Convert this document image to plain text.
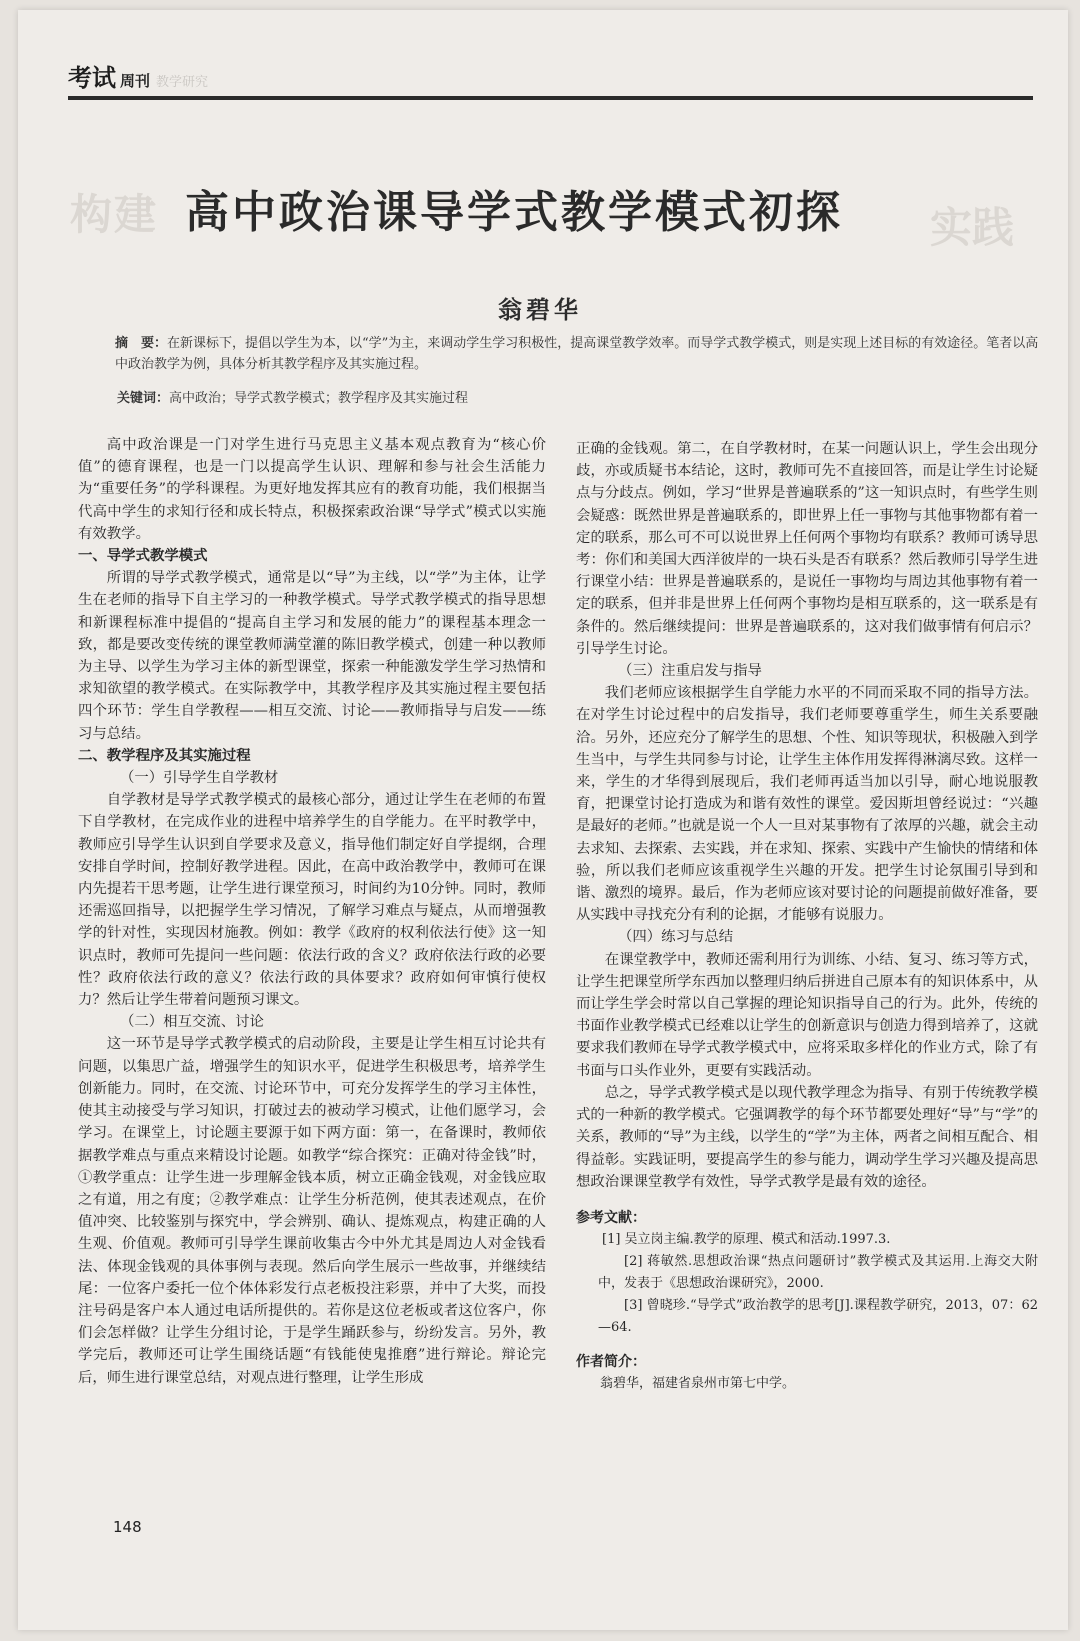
考试 周刊 教学研究
构建	实践
高中政治课导学式教学模式初探
翁碧华
摘　要：在新课标下，提倡以学生为本，以“学”为主，来调动学生学习积极性，提高课堂教学效率。而导学式教学模式，则是实现上述目标的有效途径。笔者以高中政治教学为例，具体分析其教学程序及其实施过程。
关键词：高中政治；导学式教学模式；教学程序及其实施过程

高中政治课是一门对学生进行马克思主义基本观点教育为“核心价值”的德育课程，也是一门以提高学生认识、理解和参与社会生活能力为“重要任务”的学科课程。为更好地发挥其应有的教育功能，我们根据当代高中学生的求知行径和成长特点，积极探索政治课“导学式”模式以实施有效教学。

一、导学式教学模式

所谓的导学式教学模式，通常是以“导”为主线，以“学”为主体，让学生在老师的指导下自主学习的一种教学模式。导学式教学模式的指导思想和新课程标准中提倡的“提高自主学习和发展的能力”的课程基本理念一致，都是要改变传统的课堂教师满堂灌的陈旧教学模式，创建一种以教师为主导、以学生为学习主体的新型课堂，探索一种能激发学生学习热情和求知欲望的教学模式。在实际教学中，其教学程序及其实施过程主要包括四个环节：学生自学教程——相互交流、讨论——教师指导与启发——练习与总结。

二、教学程序及其实施过程
（一）引导学生自学教材

自学教材是导学式教学模式的最核心部分，通过让学生在老师的布置下自学教材，在完成作业的进程中培养学生的自学能力。在平时教学中，教师应引导学生认识到自学要求及意义，指导他们制定好自学提纲，合理安排自学时间，控制好教学进程。因此，在高中政治教学中，教师可在课内先提若干思考题，让学生进行课堂预习，时间约为10分钟。同时，教师还需巡回指导，以把握学生学习情况，了解学习难点与疑点，从而增强教学的针对性，实现因材施教。例如：教学《政府的权利依法行使》这一知识点时，教师可先提问一些问题：依法行政的含义？政府依法行政的必要性？政府依法行政的意义？依法行政的具体要求？政府如何审慎行使权力？然后让学生带着问题预习课文。

（二）相互交流、讨论

这一环节是导学式教学模式的启动阶段，主要是让学生相互讨论共有问题，以集思广益，增强学生的知识水平，促进学生积极思考，培养学生创新能力。同时，在交流、讨论环节中，可充分发挥学生的学习主体性，使其主动接受与学习知识，打破过去的被动学习模式，让他们愿学习，会学习。在课堂上，讨论题主要源于如下两方面：第一，在备课时，教师依据教学难点与重点来精设讨论题。如教学“综合探究：正确对待金钱”时，①教学重点：让学生进一步理解金钱本质，树立正确金钱观，对金钱应取之有道，用之有度；②教学难点：让学生分析范例，使其表述观点，在价值冲突、比较鉴别与探究中，学会辨别、确认、提炼观点，构建正确的人生观、价值观。教师可引导学生课前收集古今中外尤其是周边人对金钱看法、体现金钱观的具体事例与表现。然后向学生展示一些故事，并继续结尾：一位客户委托一位个体体彩发行点老板投注彩票，并中了大奖，而投注号码是客户本人通过电话所提供的。若你是这位老板或者这位客户，你们会怎样做？让学生分组讨论，于是学生踊跃参与，纷纷发言。另外，教学完后，教师还可让学生围绕话题“有钱能使鬼推磨”进行辩论。辩论完后，师生进行课堂总结，对观点进行整理，让学生形成

正确的金钱观。第二，在自学教材时，在某一问题认识上，学生会出现分歧，亦或质疑书本结论，这时，教师可先不直接回答，而是让学生讨论疑点与分歧点。例如，学习“世界是普遍联系的”这一知识点时，有些学生则会疑惑：既然世界是普遍联系的，即世界上任一事物与其他事物都有着一定的联系，那么可不可以说世界上任何两个事物均有联系？教师可诱导思考：你们和美国大西洋彼岸的一块石头是否有联系？然后教师引导学生进行课堂小结：世界是普遍联系的，是说任一事物均与周边其他事物有着一定的联系，但并非是世界上任何两个事物均是相互联系的，这一联系是有条件的。然后继续提问：世界是普遍联系的，这对我们做事情有何启示？引导学生讨论。

（三）注重启发与指导

我们老师应该根据学生自学能力水平的不同而采取不同的指导方法。在对学生讨论过程中的启发指导，我们老师要尊重学生，师生关系要融洽。另外，还应充分了解学生的思想、个性、知识等现状，积极融入到学生当中，与学生共同参与讨论，让学生主体作用发挥得淋漓尽致。这样一来，学生的才华得到展现后，我们老师再适当加以引导，耐心地说服教育，把课堂讨论打造成为和谐有效性的课堂。爱因斯坦曾经说过：“兴趣是最好的老师。”也就是说一个人一旦对某事物有了浓厚的兴趣，就会主动去求知、去探索、去实践，并在求知、探索、实践中产生愉快的情绪和体验，所以我们老师应该重视学生兴趣的开发。把学生讨论氛围引导到和谐、激烈的境界。最后，作为老师应该对要讨论的问题提前做好准备，要从实践中寻找充分有利的论据，才能够有说服力。

（四）练习与总结

在课堂教学中，教师还需利用行为训练、小结、复习、练习等方式，让学生把课堂所学东西加以整理归纳后拼进自己原本有的知识体系中，从而让学生学会时常以自己掌握的理论知识指导自己的行为。此外，传统的书面作业教学模式已经难以让学生的创新意识与创造力得到培养了，这就要求我们教师在导学式教学模式中，应将采取多样化的作业方式，除了有书面与口头作业外，更要有实践活动。

总之，导学式教学模式是以现代教学理念为指导、有别于传统教学模式的一种新的教学模式。它强调教学的每个环节都要处理好“导”与“学”的关系，教师的“导”为主线，以学生的“学”为主体，两者之间相互配合、相得益彰。实践证明，要提高学生的参与能力，调动学生学习兴趣及提高思想政治课课堂教学有效性，导学式教学是最有效的途径。

参考文献：

[1] 吴立岗主编.教学的原理、模式和活动.1997.3.

[2] 蒋敏然.思想政治课“热点问题研讨”教学模式及其运用.上海交大附中，发表于《思想政治课研究》，2000.

[3] 曾晓珍.“导学式”政治教学的思考[J].课程教学研究，2013，07：62—64.

作者简介：
翁碧华，福建省泉州市第七中学。
148
